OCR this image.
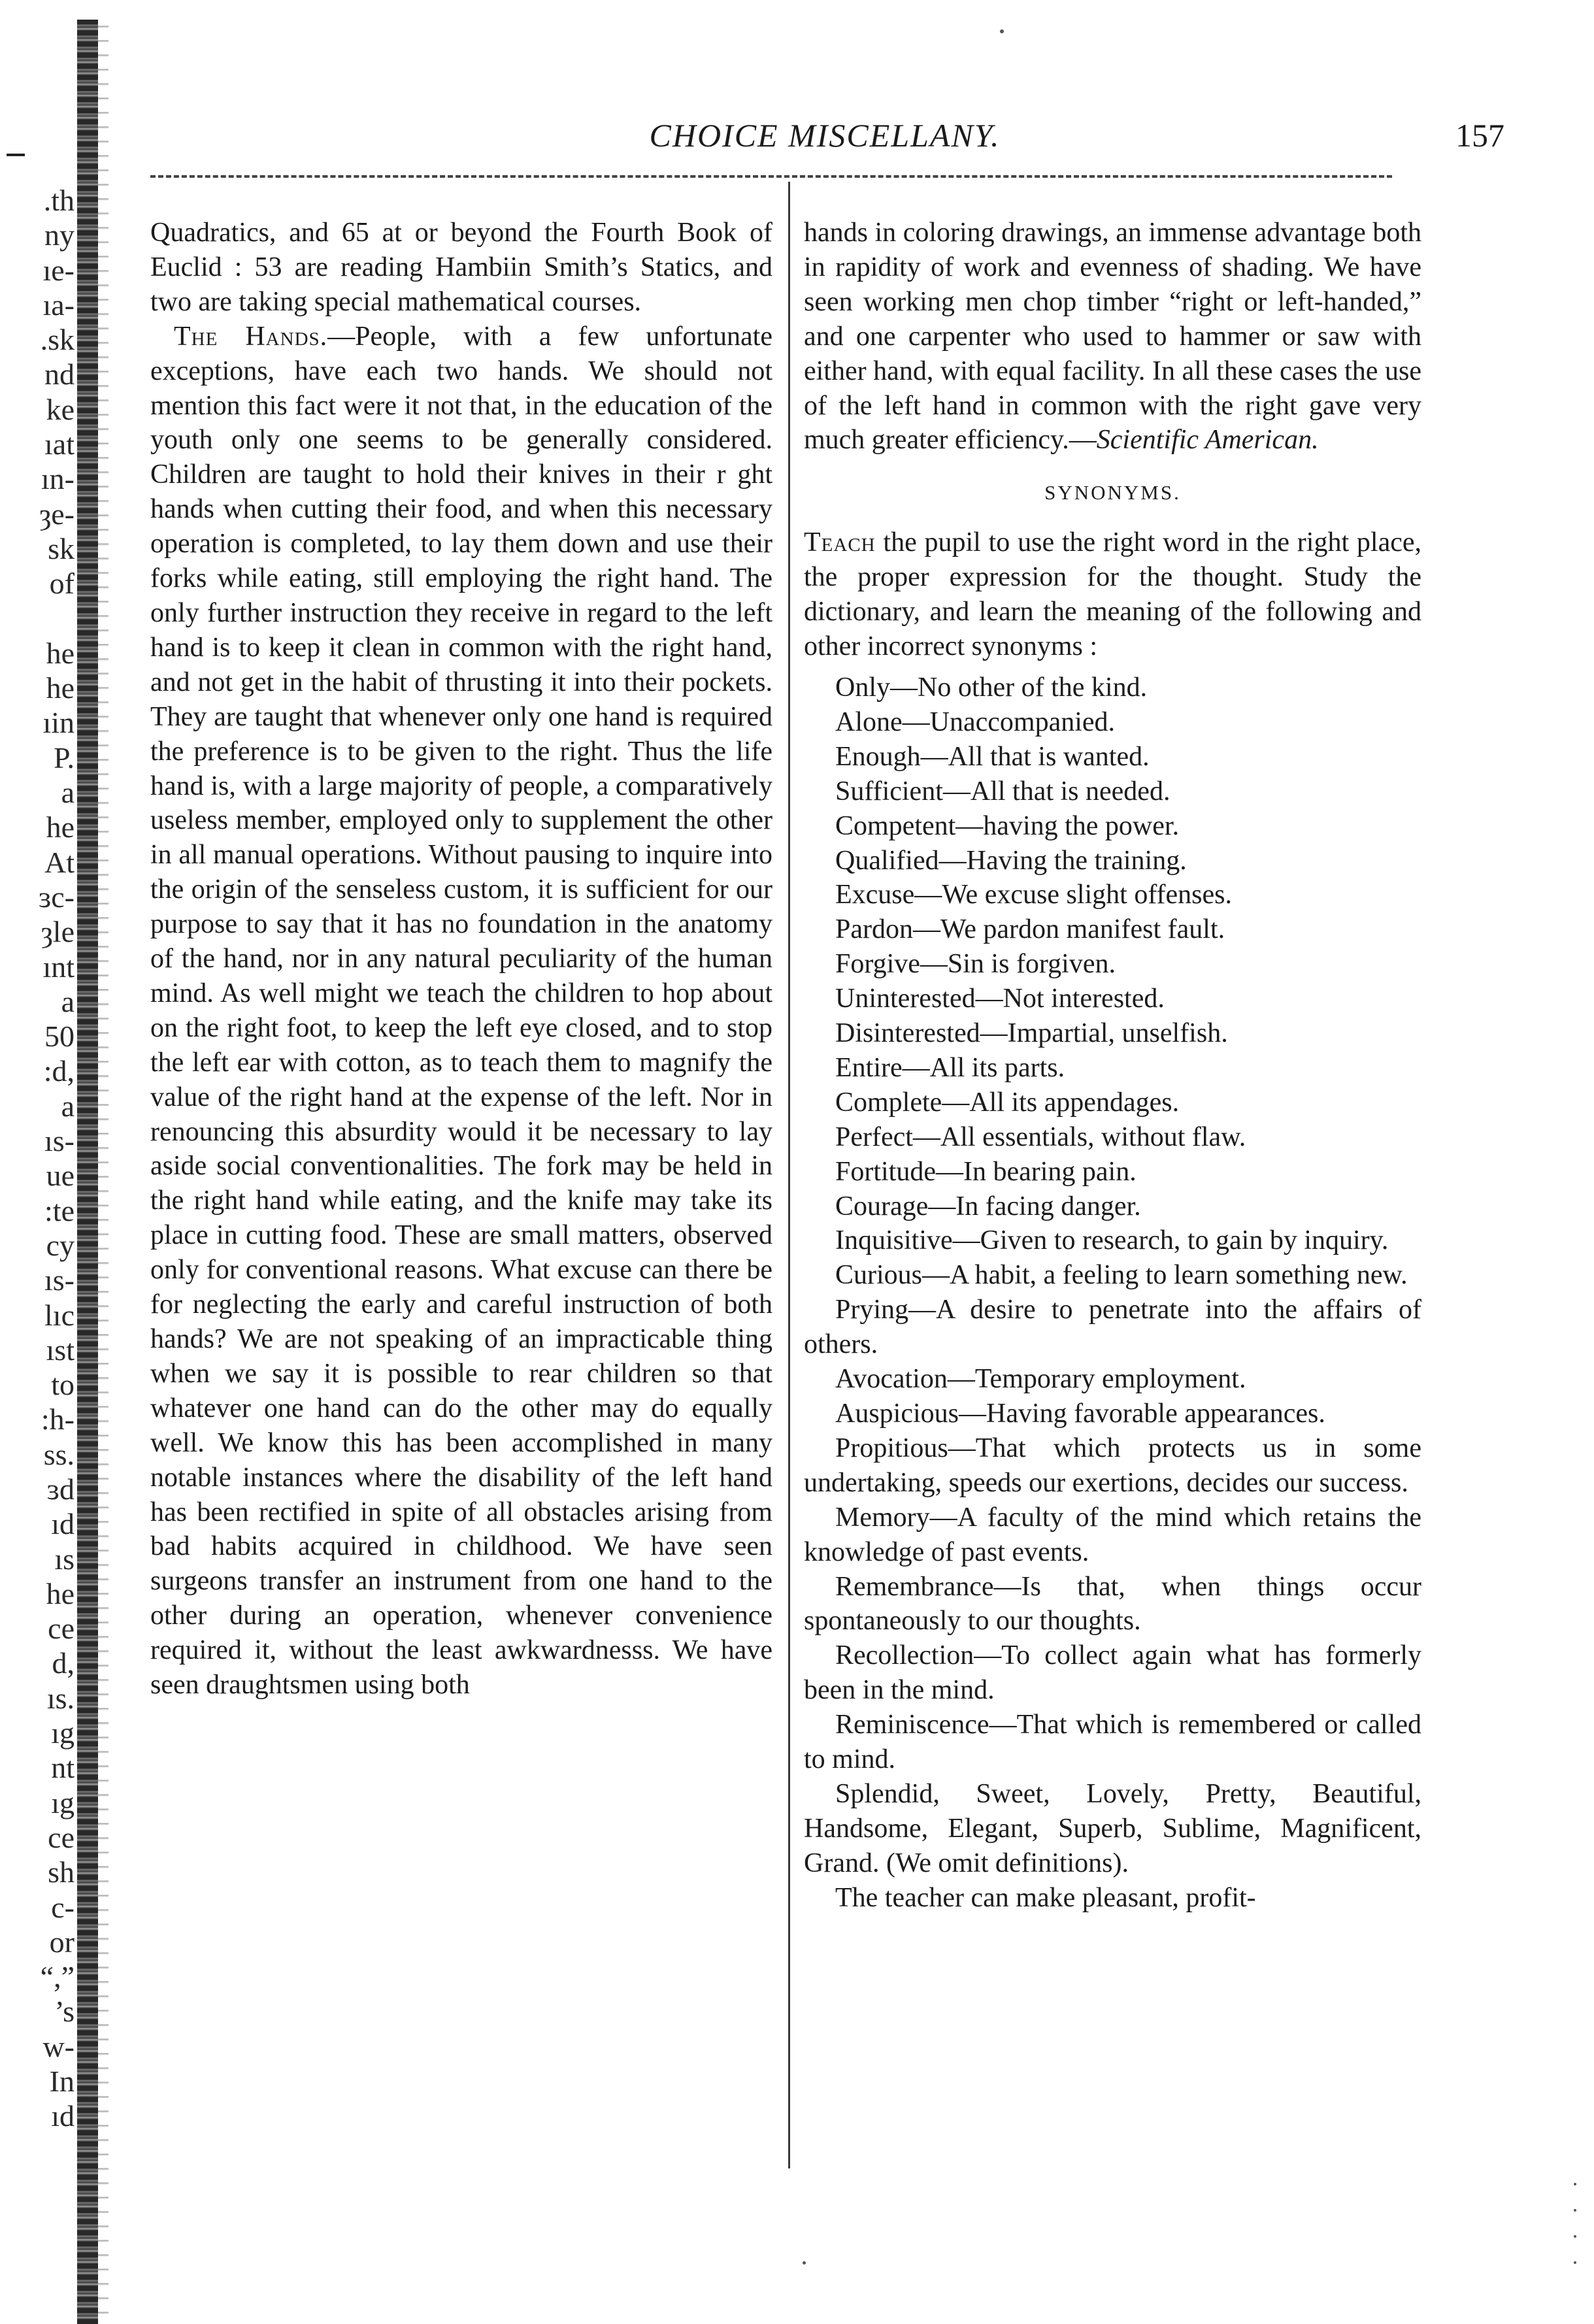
.th
ny
ıe-
ıa-
.sk
nd
ke
ıat
ın-
ȝe-
sk
of
he
he
ıin
P.
a
he
At
ɜc-
ȝle
ınt
a
50
:d,
a
ıs-
ue
:te
cy
ıs-
lıc
ıst
to
:h-
ss.
ɜd
ıd
ıs
he
ce
d,
ıs.
ıg
nt
ıg
ce
sh
c-
or
“,”
’s
w-
In
ıd
CHOICE MISCELLANY.	157

Quadratics, and 65 at or beyond the Fourth Book of Euclid : 53 are reading Hambiin Smith’s Statics, and two are taking special mathematical courses.

The Hands.—People, with a few unfortunate exceptions, have each two hands. We should not mention this fact were it not that, in the education of the youth only one seems to be generally considered. Children are taught to hold their knives in their r ght hands when cutting their food, and when this necessary operation is completed, to lay them down and use their forks while eating, still employing the right hand. The only further instruction they receive in regard to the left hand is to keep it clean in common with the right hand, and not get in the habit of thrusting it into their pockets. They are taught that whenever only one hand is required the preference is to be given to the right. Thus the life hand is, with a large majority of people, a comparatively useless member, employed only to supplement the other in all manual operations. Without pausing to inquire into the origin of the senseless custom, it is sufficient for our purpose to say that it has no foundation in the anatomy of the hand, nor in any natural peculiarity of the human mind. As well might we teach the children to hop about on the right foot, to keep the left eye closed, and to stop the left ear with cotton, as to teach them to magnify the value of the right hand at the expense of the left. Nor in renouncing this absurdity would it be necessary to lay aside social conventionalities. The fork may be held in the right hand while eating, and the knife may take its place in cutting food. These are small matters, observed only for conventional reasons. What excuse can there be for neglecting the early and careful instruction of both hands? We are not speaking of an impracticable thing when we say it is possible to rear children so that whatever one hand can do the other may do equally well. We know this has been accomplished in many notable instances where the disability of the left hand has been rectified in spite of all obstacles arising from bad habits acquired in childhood. We have seen surgeons transfer an instrument from one hand to the other during an operation, whenever convenience required it, without the least awkwardnesss. We have seen draughtsmen using both

hands in coloring drawings, an immense advantage both in rapidity of work and evenness of shading. We have seen working men chop timber “right or left-handed,” and one carpenter who used to hammer or saw with either hand, with equal facility. In all these cases the use of the left hand in common with the right gave very much greater efficiency.—Scientific American.

SYNONYMS.

Teach the pupil to use the right word in the right place, the proper expression for the thought. Study the dictionary, and learn the meaning of the following and other incorrect synonyms :

Only—No other of the kind.
Alone—Unaccompanied.
Enough—All that is wanted.
Sufficient—All that is needed.
Competent—having the power.
Qualified—Having the training.
Excuse—We excuse slight offenses.
Pardon—We pardon manifest fault.
Forgive—Sin is forgiven.
Uninterested—Not interested.
Disinterested—Impartial, unselfish.
Entire—All its parts.
Complete—All its appendages.
Perfect—All essentials, without flaw.
Fortitude—In bearing pain.
Courage—In facing danger.
Inquisitive—Given to research, to gain by inquiry.
Curious—A habit, a feeling to learn something new.
Prying—A desire to penetrate into the affairs of others.
Avocation—Temporary employment.
Auspicious—Having favorable appearances.
Propitious—That which protects us in some undertaking, speeds our exertions, decides our success.
Memory—A faculty of the mind which retains the knowledge of past events.
Remembrance—Is that, when things occur spontaneously to our thoughts.
Recollection—To collect again what has formerly been in the mind.
Reminiscence—That which is remembered or called to mind.
Splendid, Sweet, Lovely, Pretty, Beautiful, Handsome, Elegant, Superb, Sublime, Magnificent, Grand. (We omit definitions).
The teacher can make pleasant, profit-
